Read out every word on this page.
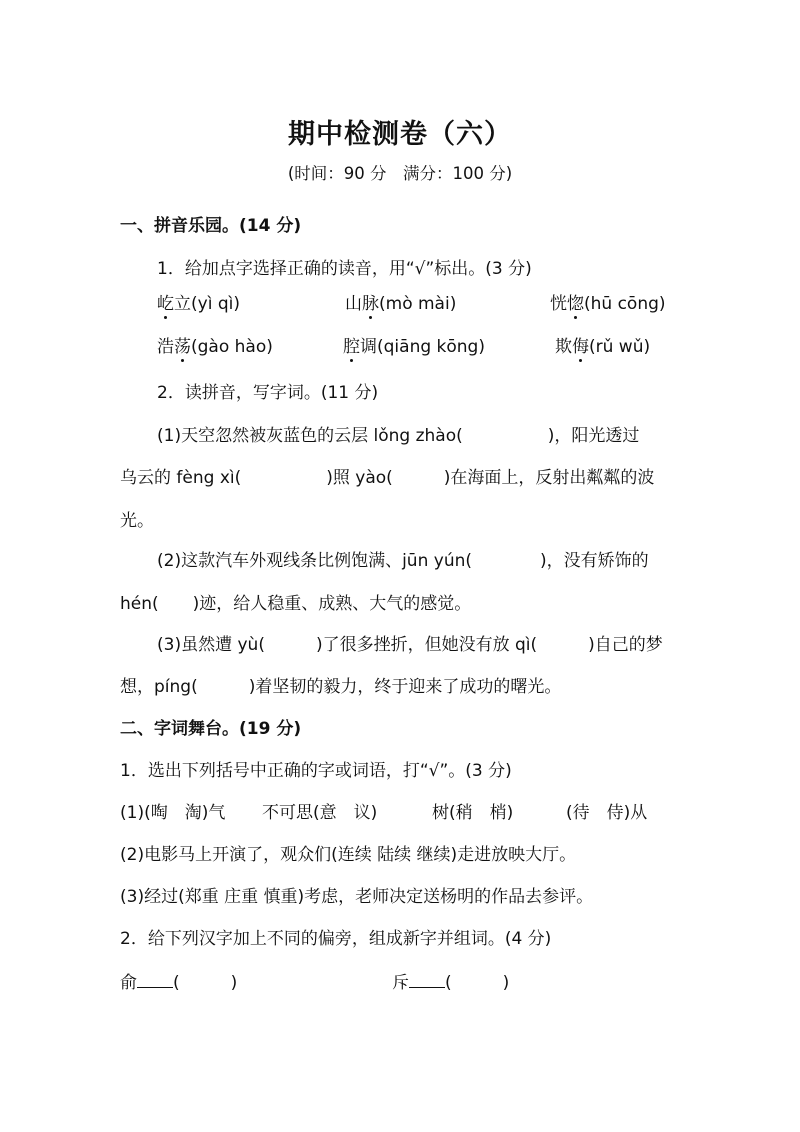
期中检测卷（六）
(时间：90 分　满分：100 分)
一、拼音乐园。(14 分)
1．给加点字选择正确的读音，用“√”标出。(3 分)
屹立(yì qì)	山脉(mò mài)	恍惚(hū cōng)
浩荡(gào hào)	腔调(qiāng kōng)	欺侮(rǔ wǔ)
2．读拼音，写字词。(11 分)
(1)天空忽然被灰蓝色的云层 lǒng zhào(　　　　　)，阳光透过
乌云的 fèng xì(　　　　　)照 yào(　　　)在海面上，反射出粼粼的波
光。
(2)这款汽车外观线条比例饱满、jūn yún(　　　　)，没有矫饰的
hén(　　)迹，给人稳重、成熟、大气的感觉。
(3)虽然遭 yù(　　　)了很多挫折，但她没有放 qì(　　　)自己的梦
想，píng(　　　)着坚韧的毅力，终于迎来了成功的曙光。
二、字词舞台。(19 分)
1．选出下列括号中正确的字或词语，打“√”。(3 分)
(1)(啕　淘)气 不可思(意　议)	树(稍　梢)	(待　侍)从
(2)电影马上开演了，观众们(连续 陆续 继续)走进放映大厅。
(3)经过(郑重 庄重 慎重)考虑，老师决定送杨明的作品去参评。
2．给下列汉字加上不同的偏旁，组成新字并组词。(4 分)
俞 (　　　)	斥 (　　　)
